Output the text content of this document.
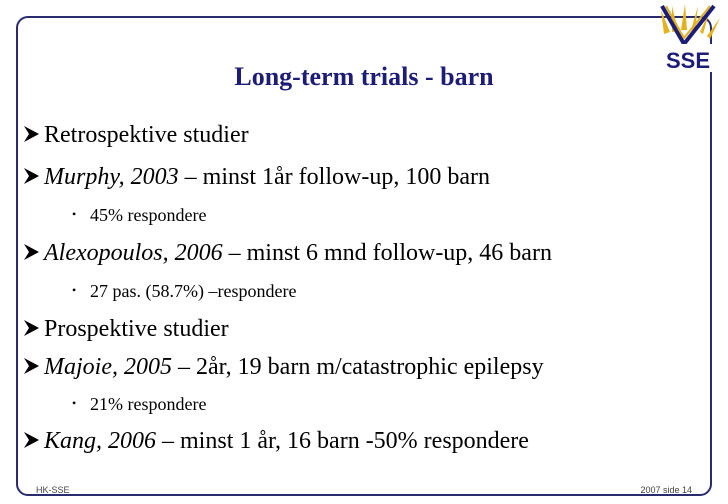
SSE
Long-term trials - barn
Retrospektive studier
Murphy, 2003 – minst 1år follow-up, 100 barn
• 45% respondere
Alexopoulos, 2006 – minst 6 mnd follow-up, 46 barn
• 27 pas. (58.7%) –respondere
Prospektive studier
Majoie, 2005 – 2år, 19 barn m/catastrophic epilepsy
• 21% respondere
Kang, 2006 – minst 1 år, 16 barn -50% respondere
HK-SSE	2007 side 14
